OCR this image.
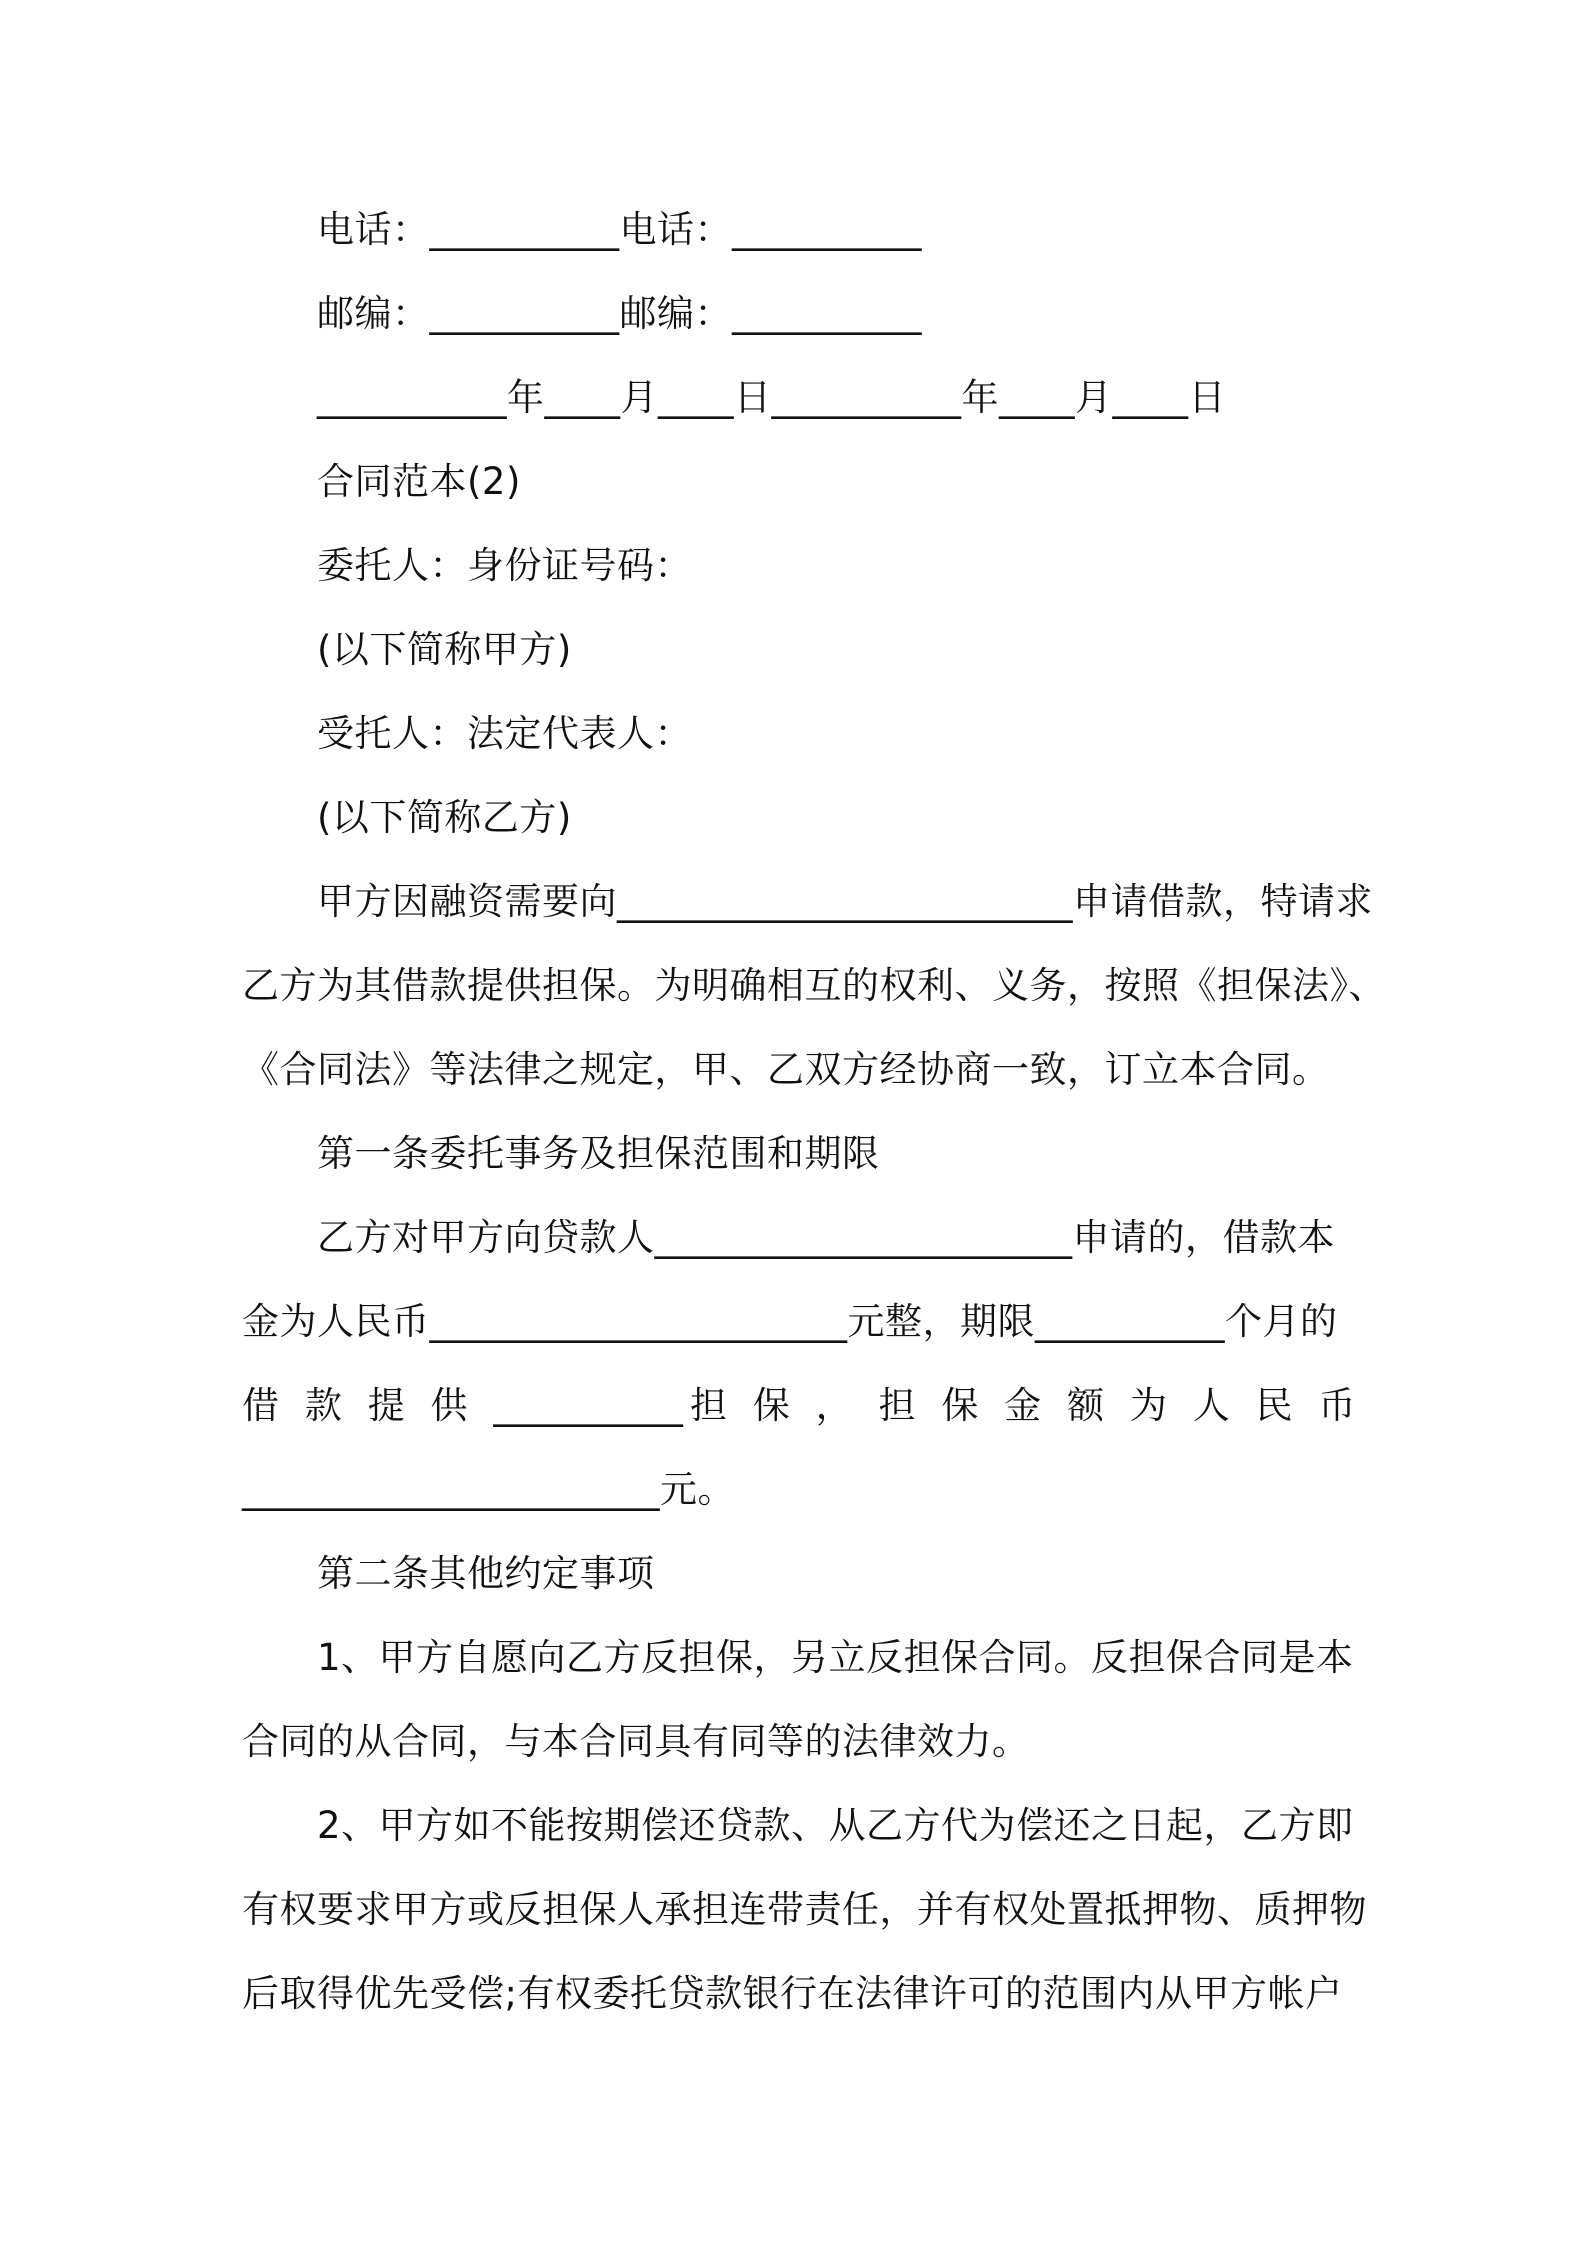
电话：__________电话：__________
邮编：__________邮编：__________
__________年____月____日__________年____月____日
合同范本(2)
委托人：身份证号码：
(以下简称甲方)
受托人：法定代表人：
(以下简称乙方)
甲方因融资需要向________________________申请借款，特请求
乙方为其借款提供担保。为明确相互的权利、义务，按照《担保法》、
《合同法》等法律之规定，甲、乙双方经协商一致，订立本合同。
第一条委托事务及担保范围和期限
乙方对甲方向贷款人______________________申请的，借款本
金为人民币______________________元整，期限__________个月的
借 款 提 供 __________担 保 ， 担 保 金 额 为 人 民 币
______________________元。
第二条其他约定事项
1、甲方自愿向乙方反担保，另立反担保合同。反担保合同是本
合同的从合同，与本合同具有同等的法律效力。
2、甲方如不能按期偿还贷款、从乙方代为偿还之日起，乙方即
有权要求甲方或反担保人承担连带责任，并有权处置抵押物、质押物
后取得优先受偿;有权委托贷款银行在法律许可的范围内从甲方帐户
